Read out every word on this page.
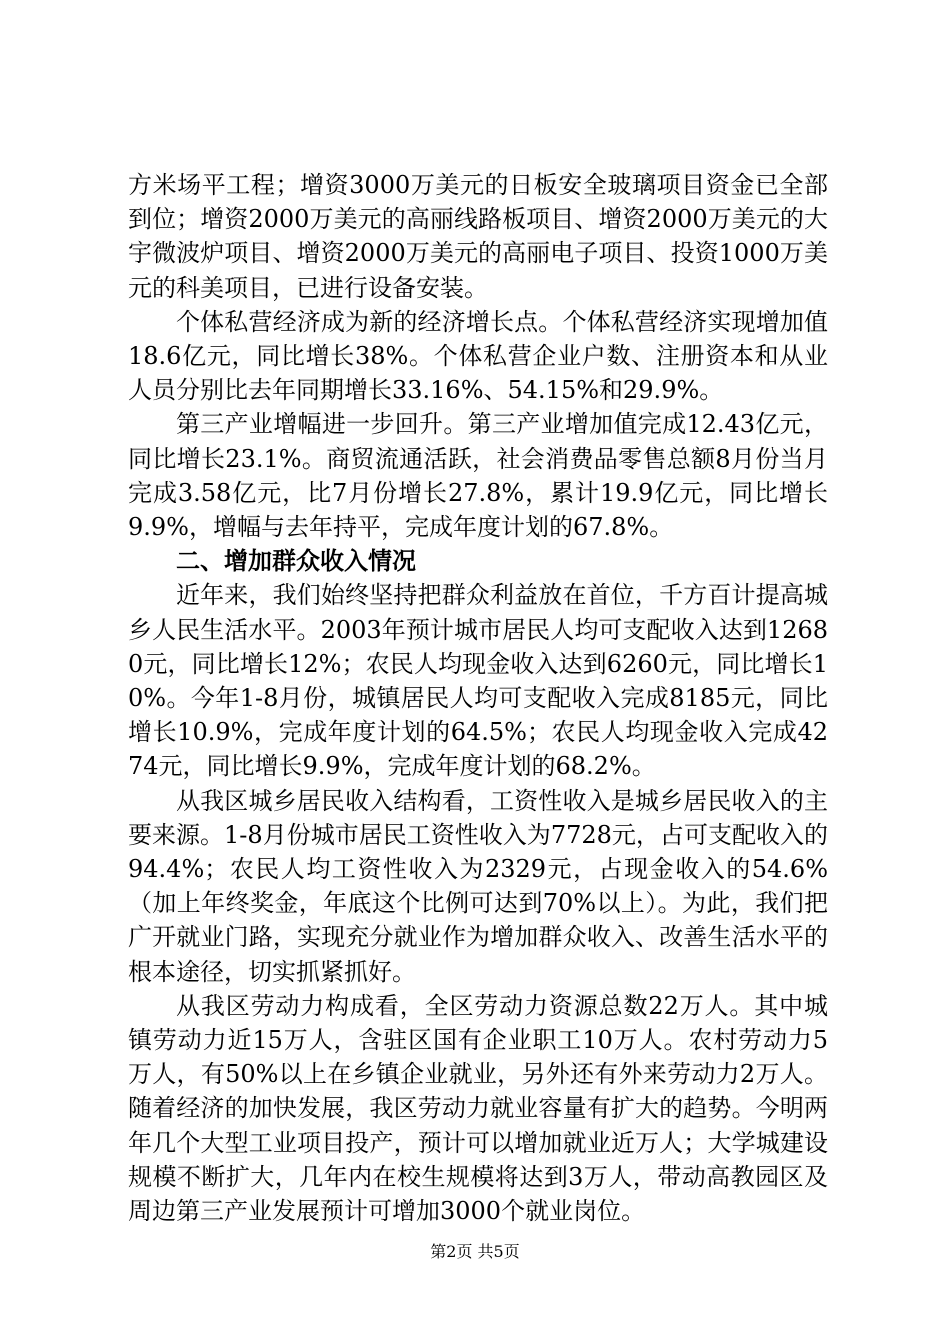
方米场平工程；增资3000万美元的日板安全玻璃项目资金已全部到位；增资2000万美元的高丽线路板项目、增资2000万美元的大宇微波炉项目、增资2000万美元的高丽电子项目、投资1000万美元的科美项目，已进行设备安装。

个体私营经济成为新的经济增长点。个体私营经济实现增加值18.6亿元，同比增长38%。个体私营企业户数、注册资本和从业人员分别比去年同期增长33.16%、54.15%和29.9%。

第三产业增幅进一步回升。第三产业增加值完成12.43亿元，同比增长23.1%。商贸流通活跃，社会消费品零售总额8月份当月完成3.58亿元，比7月份增长27.8%，累计19.9亿元，同比增长9.9%，增幅与去年持平，完成年度计划的67.8%。

二、增加群众收入情况

近年来，我们始终坚持把群众利益放在首位，千方百计提高城乡人民生活水平。2003年预计城市居民人均可支配收入达到12680元，同比增长12%；农民人均现金收入达到6260元，同比增长10%。今年1-8月份，城镇居民人均可支配收入完成8185元，同比增长10.9%，完成年度计划的64.5%；农民人均现金收入完成4274元，同比增长9.9%，完成年度计划的68.2%。

从我区城乡居民收入结构看，工资性收入是城乡居民收入的主要来源。1-8月份城市居民工资性收入为7728元，占可支配收入的94.4%；农民人均工资性收入为2329元，占现金收入的54.6%（加上年终奖金，年底这个比例可达到70%以上）。为此，我们把广开就业门路，实现充分就业作为增加群众收入、改善生活水平的根本途径，切实抓紧抓好。

从我区劳动力构成看，全区劳动力资源总数22万人。其中城镇劳动力近15万人，含驻区国有企业职工10万人。农村劳动力5万人，有50%以上在乡镇企业就业，另外还有外来劳动力2万人。随着经济的加快发展，我区劳动力就业容量有扩大的趋势。今明两年几个大型工业项目投产，预计可以增加就业近万人；大学城建设规模不断扩大，几年内在校生规模将达到3万人，带动高教园区及周边第三产业发展预计可增加3000个就业岗位。

第2页 共5页
